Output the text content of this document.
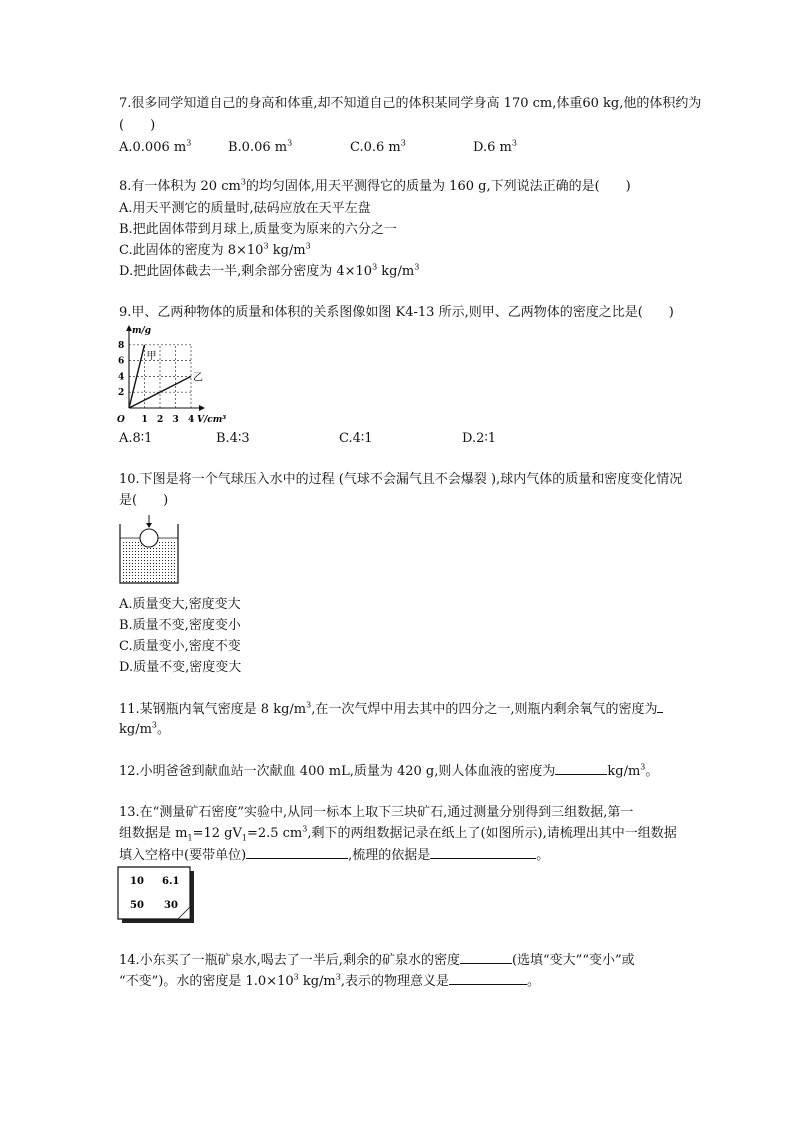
7.很多同学知道自己的身高和体重,却不知道自己的体积某同学身高 170 cm,体重60 kg,他的体积约为
(　　)
A.0.006 $m^3$	B.0.06 $m^3$	C.0.6 $m^3$	D.6 $m^3$
8.有一体积为 20 $cm^3$的均匀固体,用天平测得它的质量为 160 g,下列说法正确的是(　　)
A.用天平测它的质量时,砝码应放在天平左盘
B.把此固体带到月球上,质量变为原来的六分之一
C.此固体的密度为 $8\times 10^3$ $kg/m^3$
D.把此固体截去一半,剩余部分密度为 $4\times 10^3$ $kg/m^3$
9.甲、乙两种物体的质量和体积的关系图像如图 K4-13 所示,则甲、乙两物体的密度之比是(　　)
m/g
V/cm³
O 1 2 3 4
2
4
6
8
甲
乙
A.8∶1	B.4∶3	C.4∶1	D.2∶1
10.下图是将一个气球压入水中的过程 (气球不会漏气且不会爆裂 ),球内气体的质量和密度变化情况
是(　　)
A.质量变大,密度变大
B.质量不变,密度变小
C.质量变小,密度不变
D.质量不变,密度变大
11.某钢瓶内氧气密度是 8 $kg/m^3$,在一次气焊中用去其中的四分之一,则瓶内剩余氧气的密度为
$kg/m^3$。
12.小明爸爸到献血站一次献血 400 mL,质量为 420 g,则人体血液的密度为	$kg/m^3$。
13.在“测量矿石密度”实验中,从同一标本上取下三块矿石,通过测量分别得到三组数据,第一
组数据是 $m_1=12$ $gV_1=2.5$ $cm^3$,剩下的两组数据记录在纸上了(如图所示),请梳理出其中一组数据
填入空格中(要带单位)	,梳理的依据是	。
10 6.1
50 30
14.小东买了一瓶矿泉水,喝去了一半后,剩余的矿泉水的密度	(选填“变大”“变小”或
“不变”)。水的密度是 $1.0\times 10^3$ $kg/m^3$,表示的物理意义是	。
